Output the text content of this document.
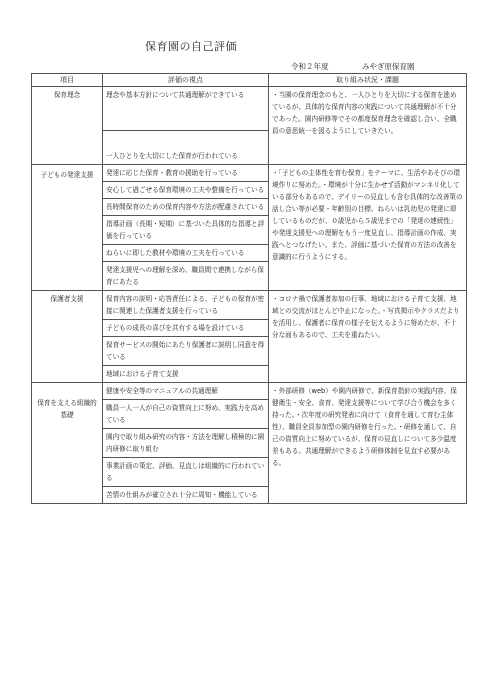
保育園の自己評価
令和２年度	みやぎ原保育園
項目	評価の視点	取り組み状況・課題
保育理念	理念や基本方針について共通理解ができている	・当園の保育理念のもと、一人ひとりを大切にする保育を進めているが、具体的な保育内容の実践について共通理解が不十分であった。園内研修等でその都度保育理念を確認し合い、全職員の意思統一を図るようにしていきたい。
	一人ひとりを大切にした保育が行われている	
子どもの発達支援	発達に応じた保育・教育の援助を行っている	・「子どもの主体性を育む保育」をテーマに、生活やあそびの環境作りに努めた。・環境が十分に生かせず活動がマンネリ化している部分もあるので、デイリーの見直しも含む具体的な改善策の話し合い等が必要・年齢別の目標、ねらいは乳幼児の発達に即しているものだが、０歳児から５歳児までの「発達の連続性」や発達支援児への理解をもう一度見直し、指導計画の作成、実践へとつなげたい。また、評価に基づいた保育の方法の改善を意識的に行うようにする。
	安心して過ごせる保育環境の工夫や整備を行っている	
	長時間保育のための保育内容や方法が配慮されている	
	指導計画（長期・短期）に基づいた具体的な指導と評価を行っている	
	ねらいに即した教材や環境の工夫を行っている	
	発達支援児への理解を深め、職員間で連携しながら保育にあたる	
保護者支援	保育内容の説明・応答責任による、子どもの保育が密接に関連した保護者支援を行っている	・コロナ禍で保護者参加の行事、地域における子育て支援、地域との交流がほとんど中止になった。・写真掲示やクラスだよりを活用し、保護者に保育の様子を伝えるように努めたが、不十分な面もあるので、工夫を重ねたい。
	子どもの成長の喜びを共有する場を設けている	
	保育サービスの開始にあたり保護者に説明し同意を得ている	
	地域における子育て支援	
保育を支える組織的基礎	健康や安全等のマニュアルの共通理解	・外部研修（web）や園内研修で、新保育指針の実践内容、保健衛生・安全、食育、発達支援等について学び合う機会を多く持った。・次年度の研究発表に向けて（食育を通して育む主体性）、職員全員参加型の園内研修を行った。・研修を通して、自己の資質向上に努めているが、保育の見直しについて多少温度差もある。共通理解ができるよう研修体制を見直す必要がある。
	職員一人一人が自己の資質向上に努め、実践力を高めている	
	園内で取り組み研究の内容・方法を理解し積極的に園内研修に取り組む	
	事業計画の策定、評価、見直しは組織的に行われている	
	苦情の仕組みが確立され十分に周知・機能している	
